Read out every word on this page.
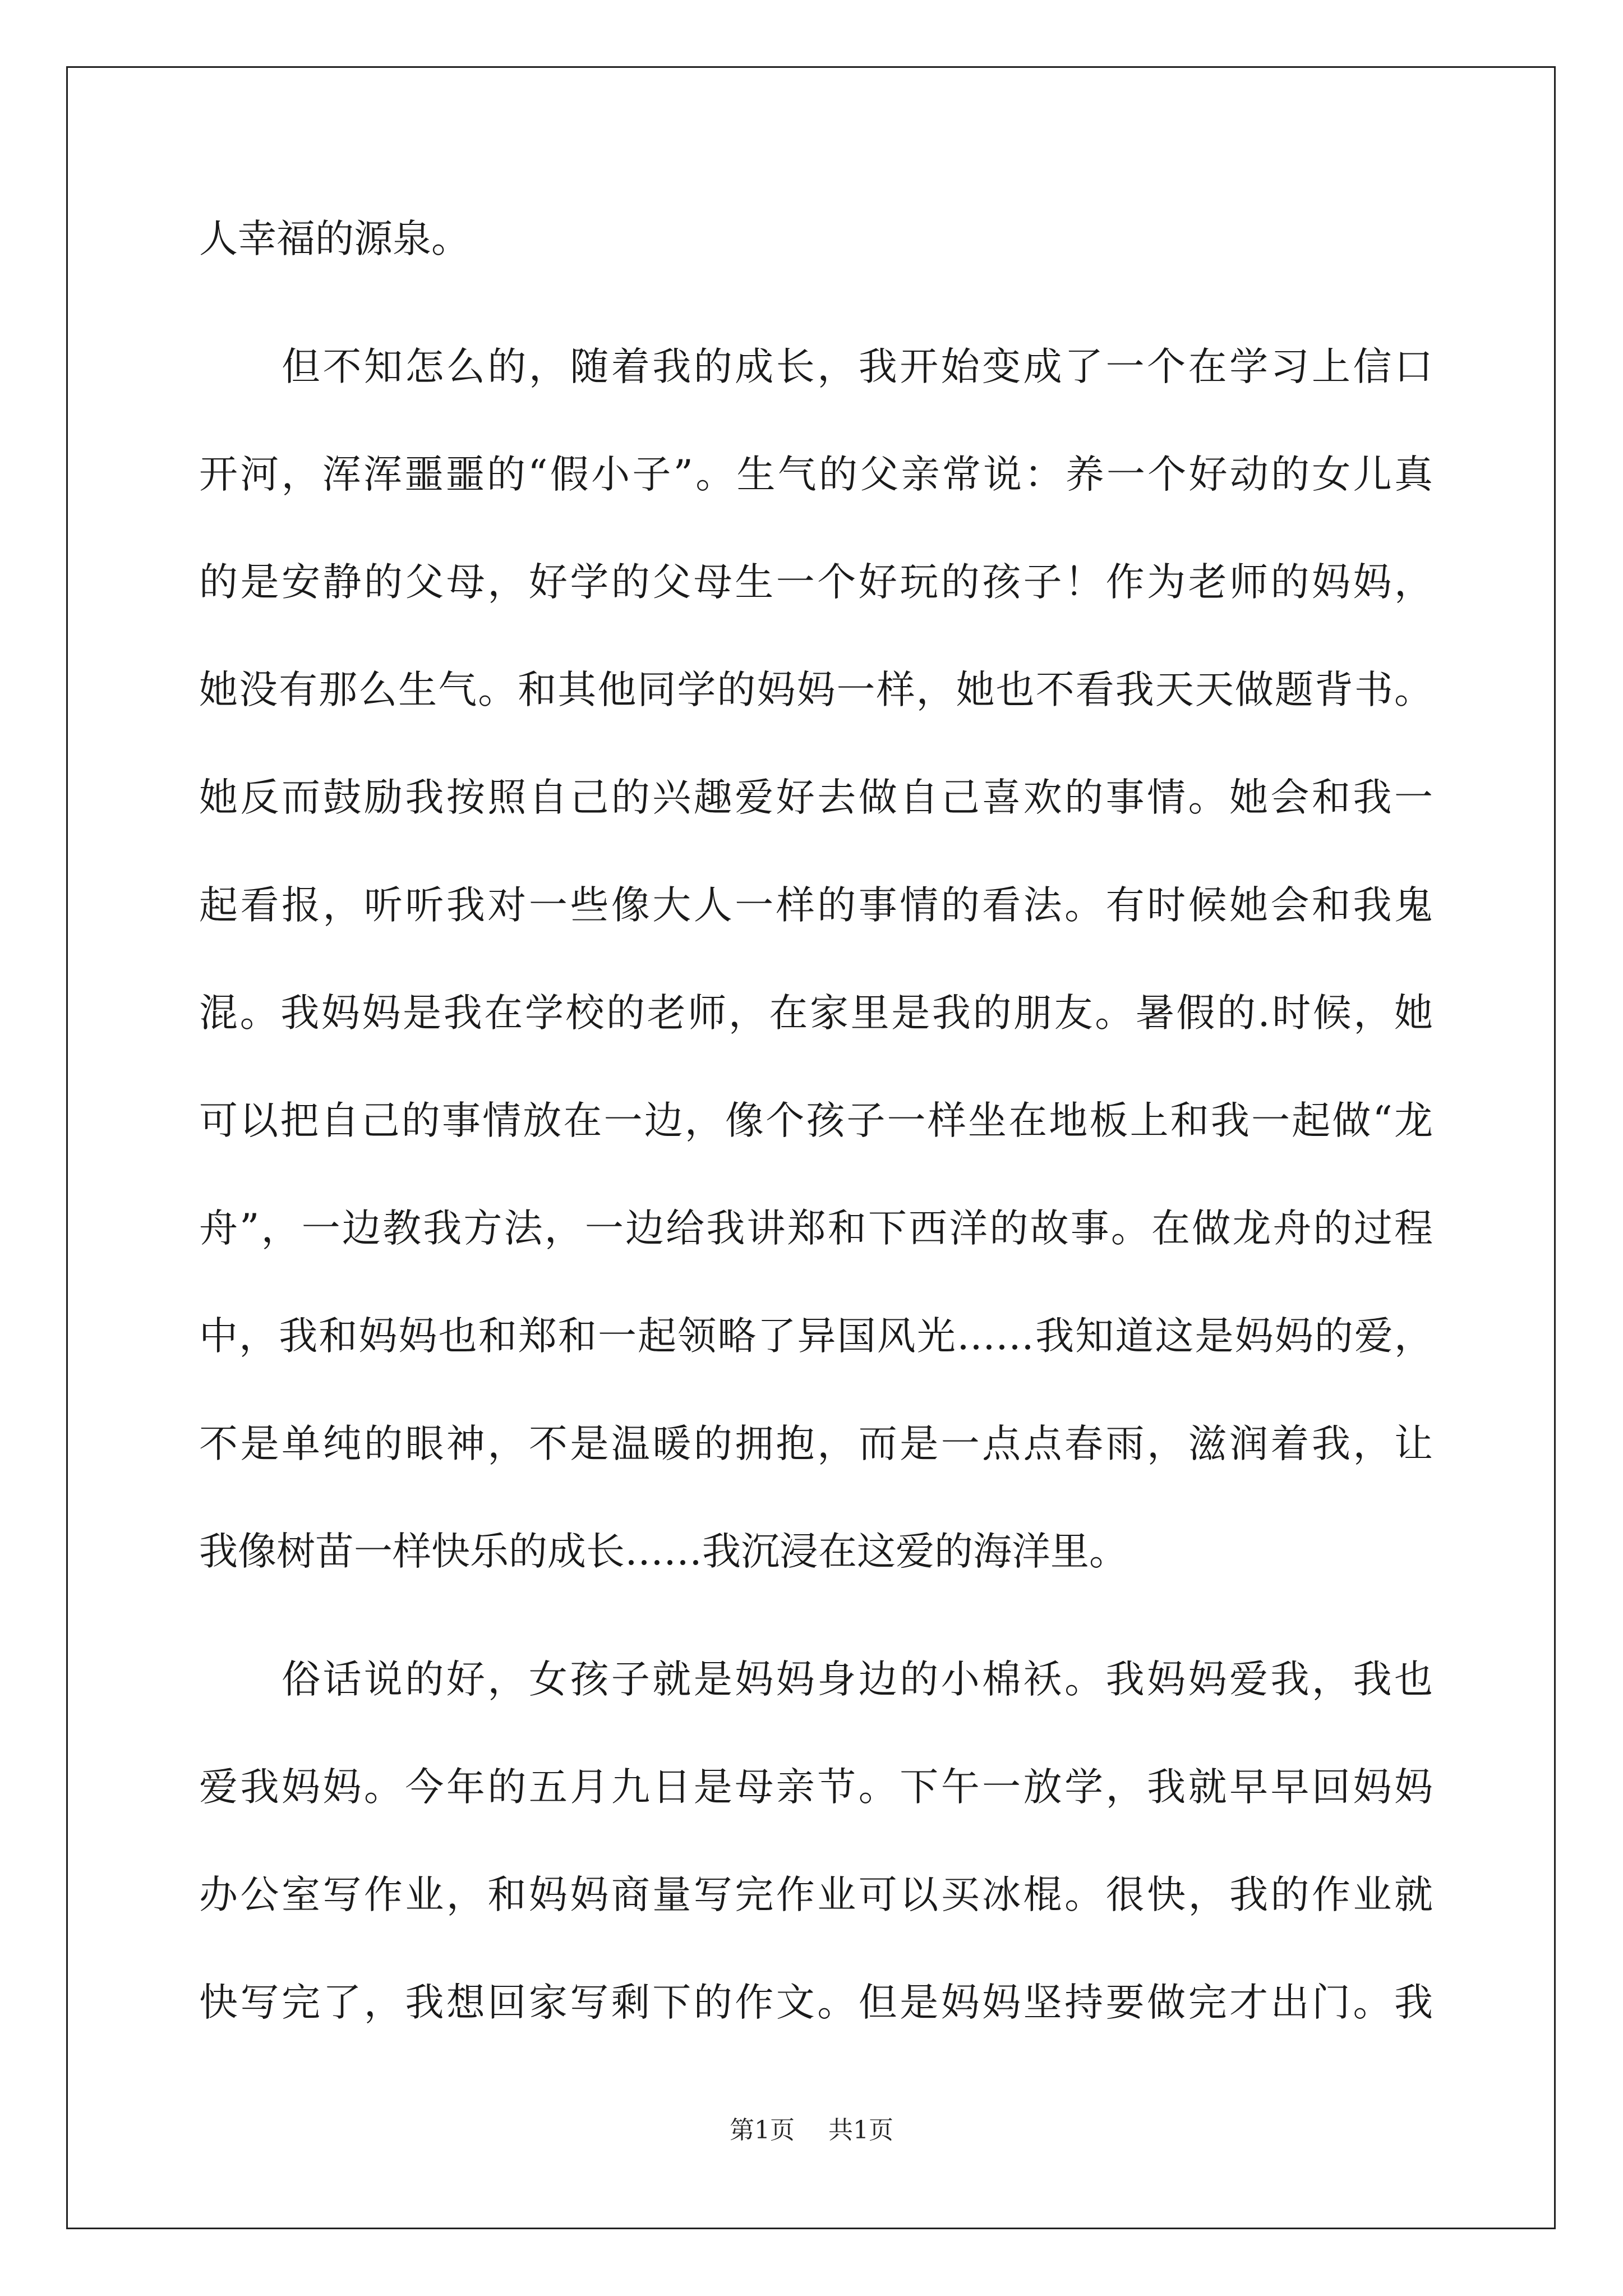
人幸福的源泉。
　　但不知怎么的，随着我的成长，我开始变成了一个在学习上信口
开河，浑浑噩噩的“假小子”。生气的父亲常说：养一个好动的女儿真
的是安静的父母，好学的父母生一个好玩的孩子！作为老师的妈妈，
她没有那么生气。和其他同学的妈妈一样，她也不看我天天做题背书。
她反而鼓励我按照自己的兴趣爱好去做自己喜欢的事情。她会和我一
起看报，听听我对一些像大人一样的事情的看法。有时候她会和我鬼
混。我妈妈是我在学校的老师，在家里是我的朋友。暑假的.时候，她
可以把自己的事情放在一边，像个孩子一样坐在地板上和我一起做“龙
舟”，一边教我方法，一边给我讲郑和下西洋的故事。在做龙舟的过程
中，我和妈妈也和郑和一起领略了异国风光……我知道这是妈妈的爱，
不是单纯的眼神，不是温暖的拥抱，而是一点点春雨，滋润着我，让
我像树苗一样快乐的成长……我沉浸在这爱的海洋里。
　　俗话说的好，女孩子就是妈妈身边的小棉袄。我妈妈爱我，我也
爱我妈妈。今年的五月九日是母亲节。下午一放学，我就早早回妈妈
办公室写作业，和妈妈商量写完作业可以买冰棍。很快，我的作业就
快写完了，我想回家写剩下的作文。但是妈妈坚持要做完才出门。我
第1页 共1页
